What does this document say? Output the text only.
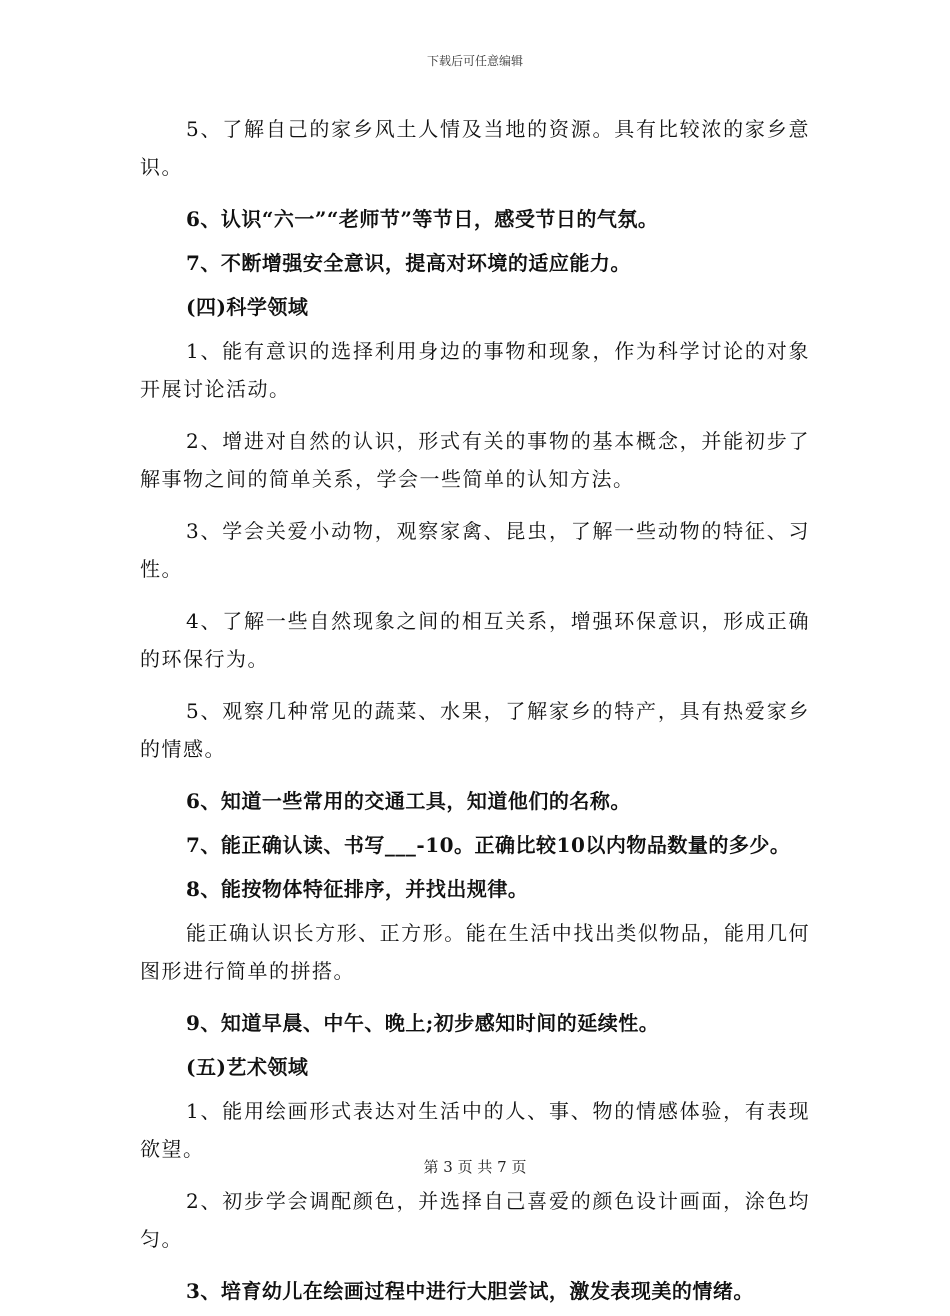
下载后可任意编辑

5、了解自己的家乡风土人情及当地的资源。具有比较浓的家乡意识。

6、认识“六一”“老师节”等节日，感受节日的气氛。

7、不断增强安全意识，提高对环境的适应能力。

(四)科学领域

1、能有意识的选择利用身边的事物和现象，作为科学讨论的对象开展讨论活动。

2、增进对自然的认识，形式有关的事物的基本概念，并能初步了解事物之间的简单关系，学会一些简单的认知方法。

3、学会关爱小动物，观察家禽、昆虫，了解一些动物的特征、习性。

4、了解一些自然现象之间的相互关系，增强环保意识，形成正确的环保行为。

5、观察几种常见的蔬菜、水果，了解家乡的特产，具有热爱家乡的情感。

6、知道一些常用的交通工具，知道他们的名称。

7、能正确认读、书写___-10。正确比较10以内物品数量的多少。

8、能按物体特征排序，并找出规律。

能正确认识长方形、正方形。能在生活中找出类似物品，能用几何图形进行简单的拼搭。

9、知道早晨、中午、晚上;初步感知时间的延续性。

(五)艺术领域

1、能用绘画形式表达对生活中的人、事、物的情感体验，有表现欲望。

2、初步学会调配颜色，并选择自己喜爱的颜色设计画面，涂色均匀。

3、培育幼儿在绘画过程中进行大胆尝试，激发表现美的情绪。

第 3 页 共 7 页
